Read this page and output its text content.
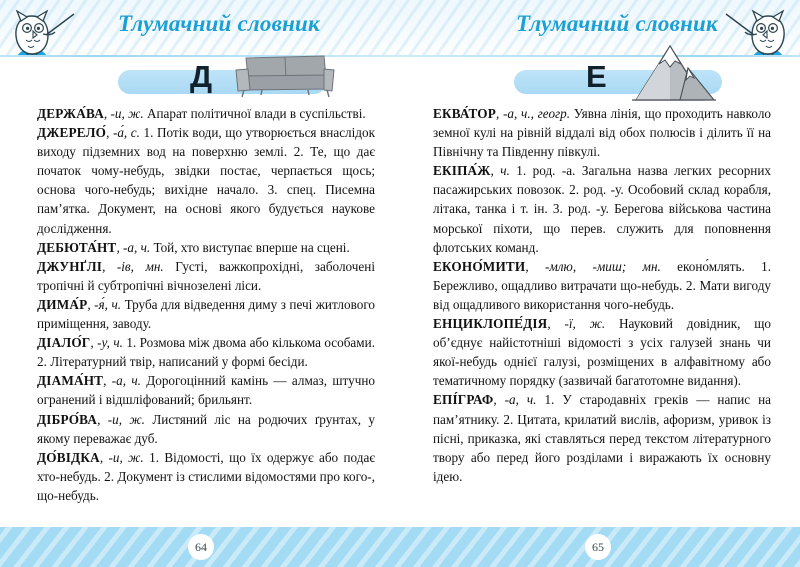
Тлумачний словник	Тлумачний словник
Д	Е

ДЕРЖА́ВА, -и, ж. Апарат політичної влади в суспільстві.

ДЖЕРЕЛО́, -а́, с. 1. Потік води, що утворюється внаслідок виходу підземних вод на поверхню землі. 2. Те, що дає початок чому-небудь, звідки постає, черпається щось; основа чого-небудь; вихідне начало. 3. спец. Писемна пам’ятка. Документ, на основі якого будується наукове дослідження.

ДЕБЮТА́НТ, -а, ч. Той, хто виступає вперше на сцені.

ДЖУНҐЛІ, -ів, мн. Густі, важкопрохідні, заболочені тропічні й субтропічні вічнозелені ліси.

ДИМА́Р, -я́, ч. Труба для відведення диму з печі житлового приміщення, заводу.

ДІАЛО́Г, -у, ч. 1. Розмова між двома або кількома особами. 2. Літературний твір, написаний у формі бесіди.

ДІАМА́НТ, -а, ч. Дорогоцінний камінь — алмаз, штучно огранений і відшліфований; брильянт.

ДІБРО́ВА, -и, ж. Листяний ліс на родючих ґрунтах, у якому переважає дуб.

ДО́ВІДКА, -и, ж. 1. Відомості, що їх одержує або подає хто-небудь. 2. Документ із стислими відомостями про кого-, що-небудь.

ЕКВА́ТОР, -а, ч., геогр. Уявна лінія, що проходить навколо земної кулі на рівній віддалі від обох полюсів і ділить її на Північну та Південну півкулі.

ЕКІПА́Ж, ч. 1. род. -а. Загальна назва легких ресорних пасажирських повозок. 2. род. -у. Особовий склад корабля, літака, танка і т. ін. 3. род. -у. Берегова військова частина морської піхоти, що перев. служить для поповнення флотських команд.

ЕКОНО́МИТИ, -млю, -миш; мн. еконо́млять. 1. Бережливо, ощадливо витрачати що-небудь. 2. Мати вигоду від ощадливого використання чого-небудь.

ЕНЦИКЛОПЕ́ДІЯ, -ї, ж. Науковий довідник, що об’єднує найістотніші відомості з усіх галузей знань чи якої-небудь однієї галузі, розміщених в алфавітному або тематичному порядку (зазвичай багатотомне видання).

ЕПІ́ГРАФ, -а, ч. 1. У стародавніх греків — напис на пам’ятнику. 2. Цитата, крилатий вислів, афоризм, уривок із пісні, приказка, які ставляться перед текстом літературного твору або перед його розділами і виражають їх основну ідею.

64	65
